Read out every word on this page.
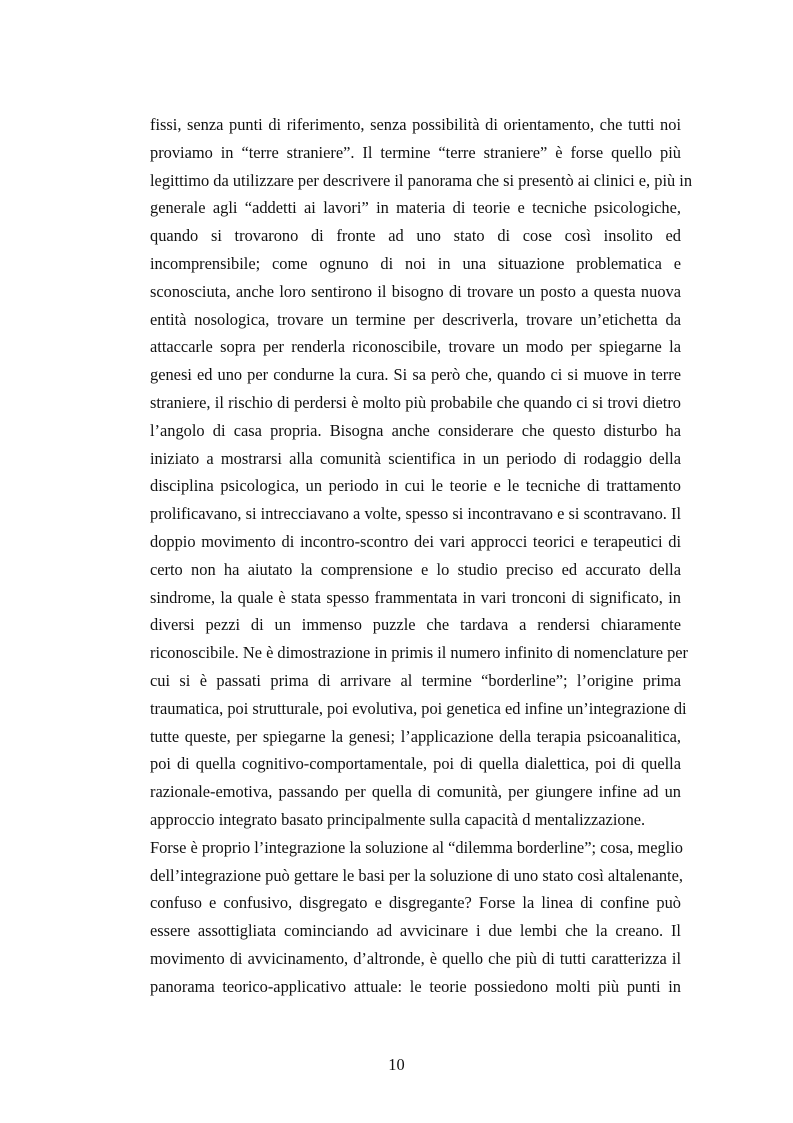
fissi, senza punti di riferimento, senza possibilità di orientamento, che tutti noi
proviamo in “terre straniere”. Il termine “terre straniere” è forse quello più
legittimo da utilizzare per descrivere il panorama che si presentò ai clinici e, più in
generale agli “addetti ai lavori” in materia di teorie e tecniche psicologiche,
quando si trovarono di fronte ad uno stato di cose così insolito ed
incomprensibile; come ognuno di noi in una situazione problematica e
sconosciuta, anche loro sentirono il bisogno di trovare un posto a questa nuova
entità nosologica, trovare un termine per descriverla, trovare un’etichetta da
attaccarle sopra per renderla riconoscibile, trovare un modo per spiegarne la
genesi ed uno per condurne la cura. Si sa però che, quando ci si muove in terre
straniere, il rischio di perdersi è molto più probabile che quando ci si trovi dietro
l’angolo di casa propria. Bisogna anche considerare che questo disturbo ha
iniziato a mostrarsi alla comunità scientifica in un periodo di rodaggio della
disciplina psicologica, un periodo in cui le teorie e le tecniche di trattamento
prolificavano, si intrecciavano a volte, spesso si incontravano e si scontravano. Il
doppio movimento di incontro-scontro dei vari approcci teorici e terapeutici di
certo non ha aiutato la comprensione e lo studio preciso ed accurato della
sindrome, la quale è stata spesso frammentata in vari tronconi di significato, in
diversi pezzi di un immenso puzzle che tardava a rendersi chiaramente
riconoscibile. Ne è dimostrazione in primis il numero infinito di nomenclature per
cui si è passati prima di arrivare al termine “borderline”; l’origine prima
traumatica, poi strutturale, poi evolutiva, poi genetica ed infine un’integrazione di
tutte queste, per spiegarne la genesi; l’applicazione della terapia psicoanalitica,
poi di quella cognitivo-comportamentale, poi di quella dialettica, poi di quella
razionale-emotiva, passando per quella di comunità, per giungere infine ad un
approccio integrato basato principalmente sulla capacità d mentalizzazione.
Forse è proprio l’integrazione la soluzione al “dilemma borderline”; cosa, meglio
dell’integrazione può gettare le basi per la soluzione di uno stato così altalenante,
confuso e confusivo, disgregato e disgregante? Forse la linea di confine può
essere assottigliata cominciando ad avvicinare i due lembi che la creano. Il
movimento di avvicinamento, d’altronde, è quello che più di tutti caratterizza il
panorama teorico-applicativo attuale: le teorie possiedono molti più punti in
10
